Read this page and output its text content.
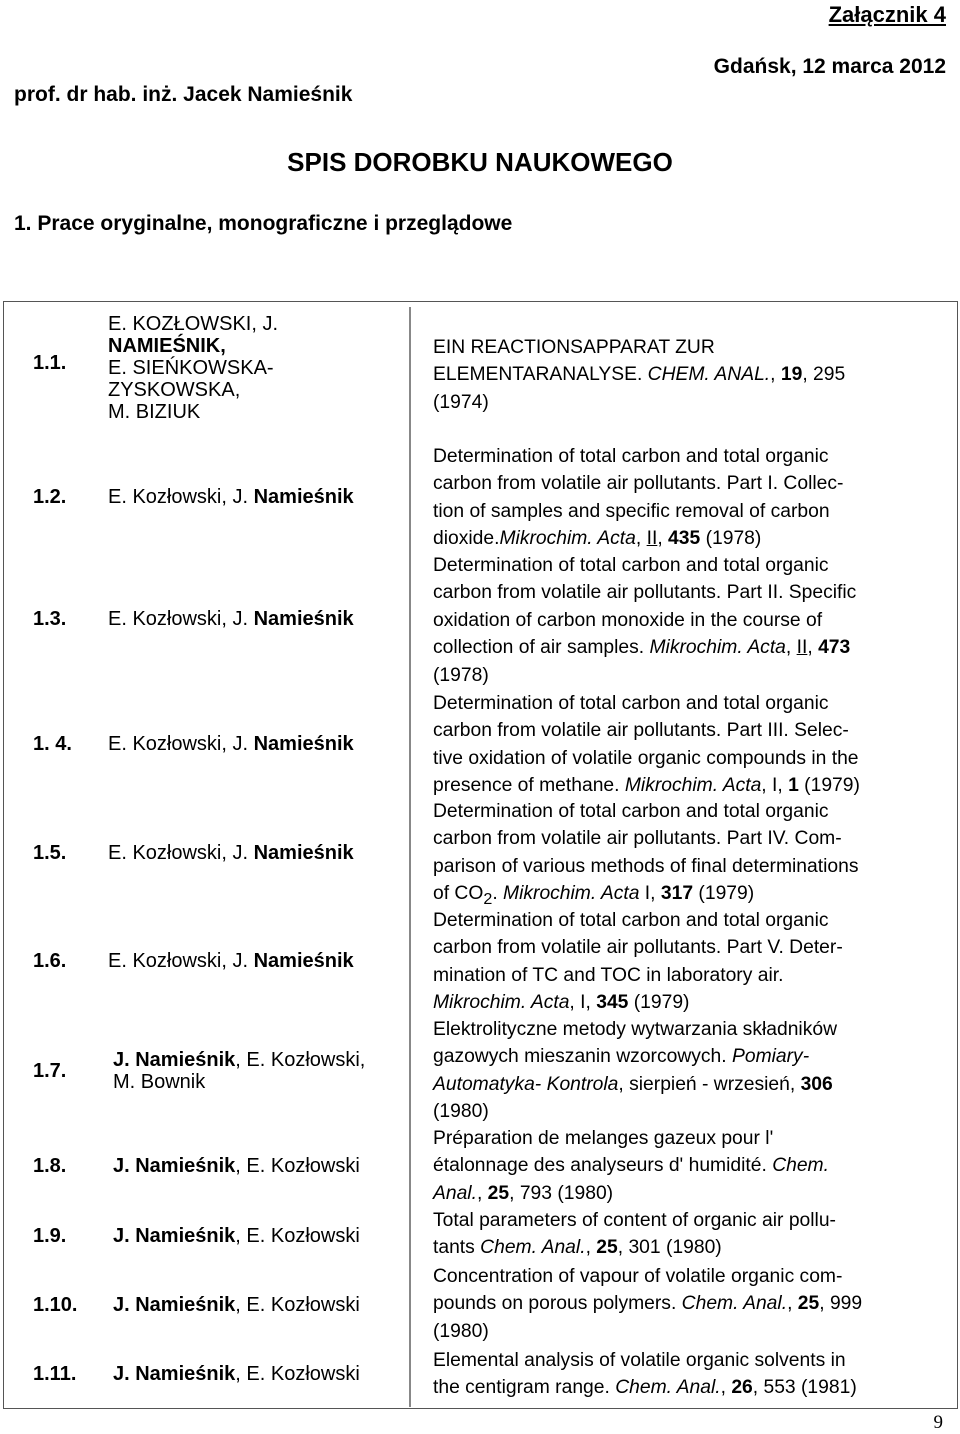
Załącznik 4
Gdańsk, 12 marca 2012
prof. dr hab. inż. Jacek Namieśnik
SPIS DOROBKU NAUKOWEGO
1. Prace oryginalne, monograficzne i przeglądowe
1.1.
E. KOZŁOWSKI, J.
NAMIEŚNIK,
E. SIEŃKOWSKA-
ZYSKOWSKA,
M. BIZIUK
EIN REACTIONSAPPARAT ZUR
ELEMENTARANALYSE. CHEM. ANAL., 19, 295
(1974)
1.2. E. Kozłowski, J. Namieśnik
Determination of total carbon and total organic
carbon from volatile air pollutants. Part I. Collec-
tion of samples and specific removal of carbon
dioxide.Mikrochim. Acta, II, 435 (1978)
1.3. E. Kozłowski, J. Namieśnik
Determination of total carbon and total organic
carbon from volatile air pollutants. Part II. Specific
oxidation of carbon monoxide in the course of
collection of air samples. Mikrochim. Acta, II, 473
(1978)
1. 4. E. Kozłowski, J. Namieśnik
Determination of total carbon and total organic
carbon from volatile air pollutants. Part III. Selec-
tive oxidation of volatile organic compounds in the
presence of methane. Mikrochim. Acta, I, 1 (1979)
1.5. E. Kozłowski, J. Namieśnik
Determination of total carbon and total organic
carbon from volatile air pollutants. Part IV. Com-
parison of various methods of final determinations
of $CO_2$. Mikrochim. Acta I, 317 (1979)
1.6. E. Kozłowski, J. Namieśnik
Determination of total carbon and total organic
carbon from volatile air pollutants. Part V. Deter-
mination of TC and TOC in laboratory air.
Mikrochim. Acta, I, 345 (1979)
1.7. J. Namieśnik, E. Kozłowski,
M. Bownik
Elektrolityczne metody wytwarzania składników
gazowych mieszanin wzorcowych. Pomiary-
Automatyka- Kontrola, sierpień - wrzesień, 306
(1980)
1.8. J. Namieśnik, E. Kozłowski
Préparation de melanges gazeux pour l'
étalonnage des analyseurs d' humidité. Chem.
Anal., 25, 793 (1980)
1.9. J. Namieśnik, E. Kozłowski
Total parameters of content of organic air pollu-
tants Chem. Anal., 25, 301 (1980)
1.10. J. Namieśnik, E. Kozłowski
Concentration of vapour of volatile organic com-
pounds on porous polymers. Chem. Anal., 25, 999
(1980)
1.11. J. Namieśnik, E. Kozłowski
Elemental analysis of volatile organic solvents in
the centigram range. Chem. Anal., 26, 553 (1981)
9
